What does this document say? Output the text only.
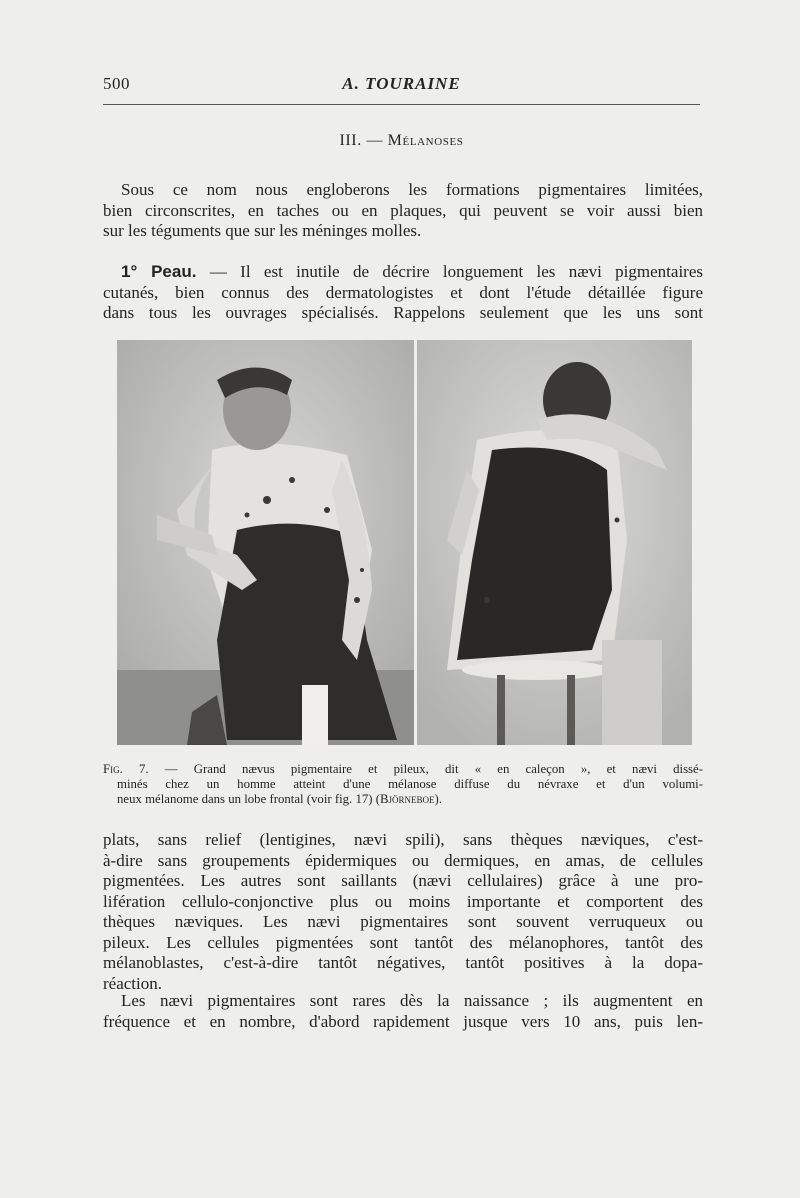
500	A. TOURAINE
III. — Mélanoses

Sous ce nom nous engloberons les formations pigmentaires limitées,
bien circonscrites, en taches ou en plaques, qui peuvent se voir aussi bien
sur les téguments que sur les méninges molles.

1° Peau. — Il est inutile de décrire longuement les nævi pigmentaires
cutanés, bien connus des dermatologistes et dont l'étude détaillée figure
dans tous les ouvrages spécialisés. Rappelons seulement que les uns sont

Fig. 7. — Grand nævus pigmentaire et pileux, dit « en caleçon », et nævi dissé-
minés chez un homme atteint d'une mélanose diffuse du névraxe et d'un volumi-
neux mélanome dans un lobe frontal (voir fig. 17) (Björneboe).

plats, sans relief (lentigines, nævi spili), sans thèques næviques, c'est-
à-dire sans groupements épidermiques ou dermiques, en amas, de cellules
pigmentées. Les autres sont saillants (nævi cellulaires) grâce à une pro-
lifération cellulo-conjonctive plus ou moins importante et comportent des
thèques næviques. Les nævi pigmentaires sont souvent verruqueux ou
pileux. Les cellules pigmentées sont tantôt des mélanophores, tantôt des
mélanoblastes, c'est-à-dire tantôt négatives, tantôt positives à la dopa-
réaction.

Les nævi pigmentaires sont rares dès la naissance ; ils augmentent en
fréquence et en nombre, d'abord rapidement jusque vers 10 ans, puis len-
